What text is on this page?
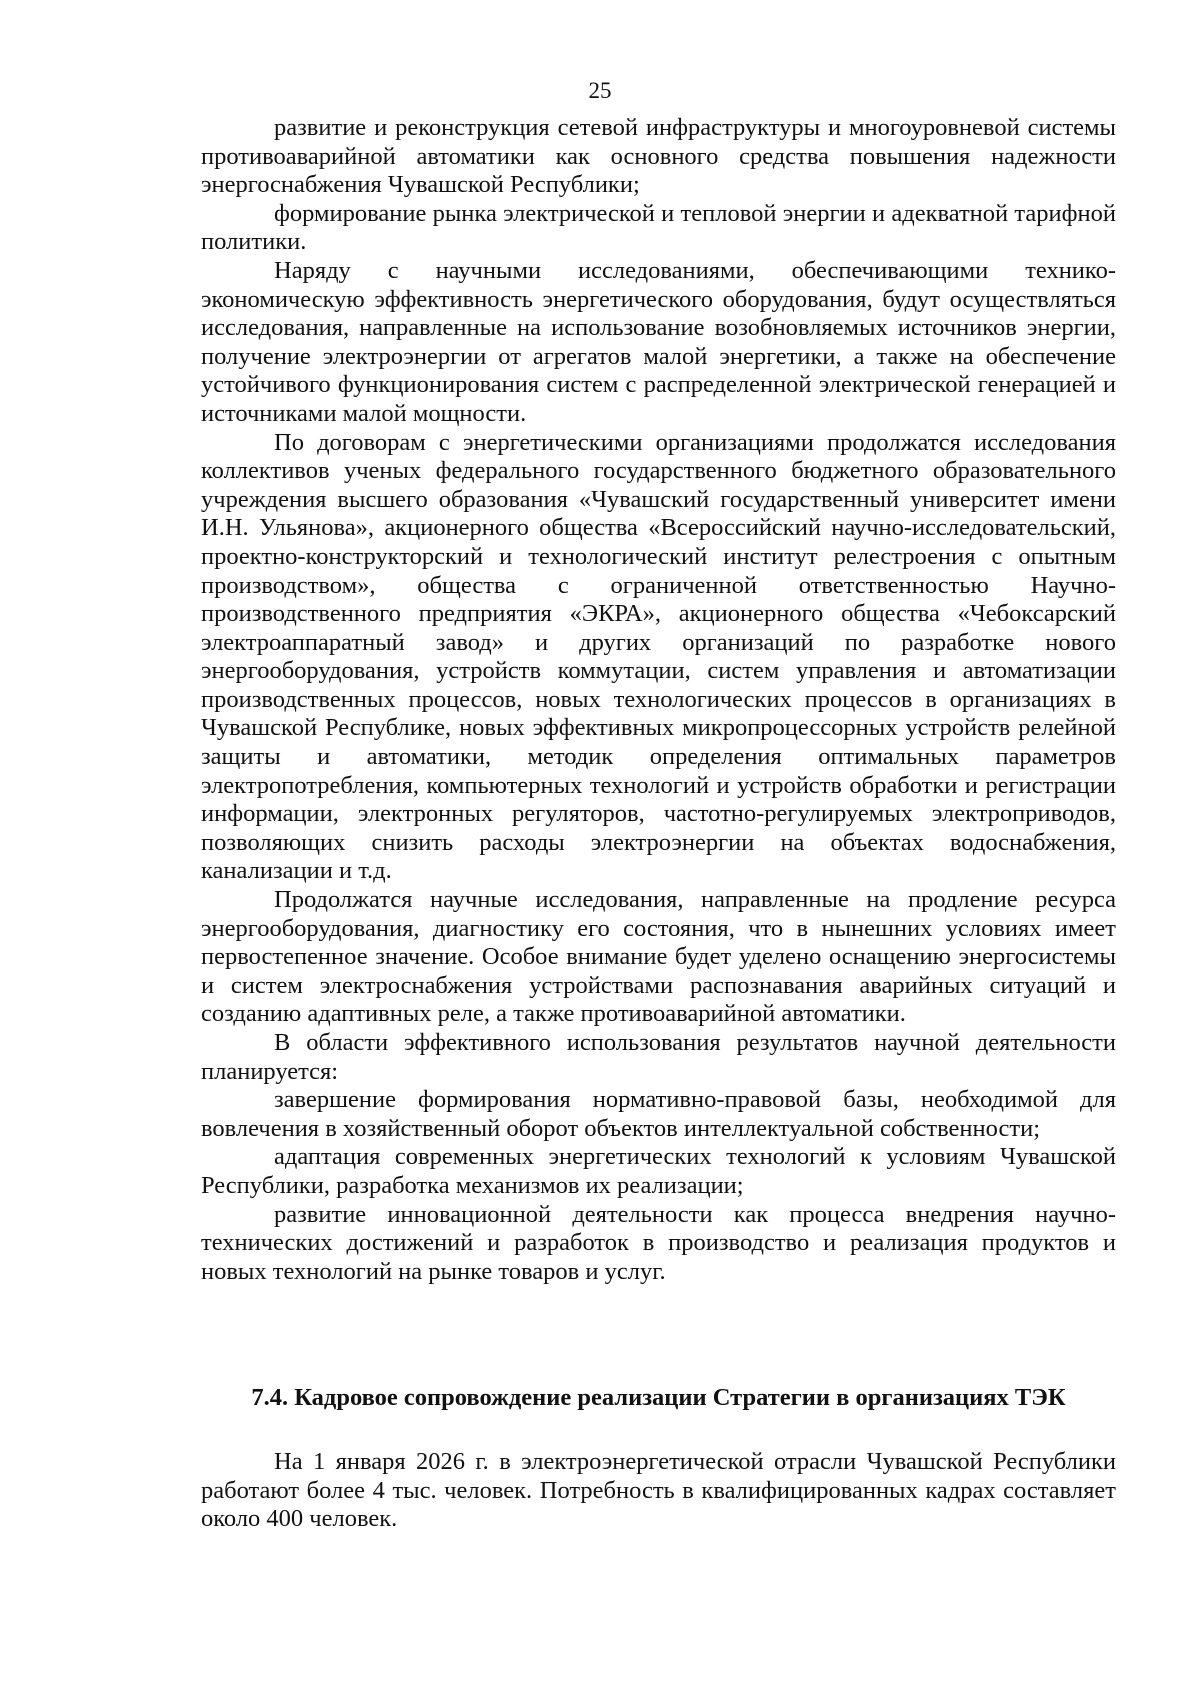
25

развитие и реконструкция сетевой инфраструктуры и многоуровневой системы противоаварийной автоматики как основного средства повышения надежности энергоснабжения Чувашской Республики;

формирование рынка электрической и тепловой энергии и адекватной тарифной политики.

Наряду с научными исследованиями, обеспечивающими технико-экономическую эффективность энергетического оборудования, будут осуществляться исследования, направленные на использование возобновляемых источников энергии, получение электроэнергии от агрегатов малой энергетики, а также на обеспечение устойчивого функционирования систем с распределенной электрической генерацией и источниками малой мощности.

По договорам с энергетическими организациями продолжатся исследования коллективов ученых федерального государственного бюджетного образовательного учреждения высшего образования «Чувашский государственный университет имени И.Н. Ульянова», акционерного общества «Всероссийский научно-исследовательский, проектно-конструкторский и технологический институт релестроения с опытным производством», общества с ограниченной ответственностью Научно-производственного предприятия «ЭКРА», акционерного общества «Чебоксарский электроаппаратный завод» и других организаций по разработке нового энергооборудования, устройств коммутации, систем управления и автоматизации производственных процессов, новых технологических процессов в организациях в Чувашской Республике, новых эффективных микропроцессорных устройств релейной защиты и автоматики, методик определения оптимальных параметров электропотребления, компьютерных технологий и устройств обработки и регистрации информации, электронных регуляторов, частотно-регулируемых электроприводов, позволяющих снизить расходы электроэнергии на объектах водоснабжения, канализации и т.д.

Продолжатся научные исследования, направленные на продление ресурса энергооборудования, диагностику его состояния, что в нынешних условиях имеет первостепенное значение. Особое внимание будет уделено оснащению энергосистемы и систем электроснабжения устройствами распознавания аварийных ситуаций и созданию адаптивных реле, а также противоаварийной автоматики.

В области эффективного использования результатов научной деятельности планируется:

завершение формирования нормативно-правовой базы, необходимой для вовлечения в хозяйственный оборот объектов интеллектуальной собственности;

адаптация современных энергетических технологий к условиям Чувашской Республики, разработка механизмов их реализации;

развитие инновационной деятельности как процесса внедрения научно-технических достижений и разработок в производство и реализация продуктов и новых технологий на рынке товаров и услуг.

7.4. Кадровое сопровождение реализации Стратегии в организациях ТЭК

На 1 января 2026 г. в электроэнергетической отрасли Чувашской Республики работают более 4 тыс. человек. Потребность в квалифицированных кадрах составляет около 400 человек.
